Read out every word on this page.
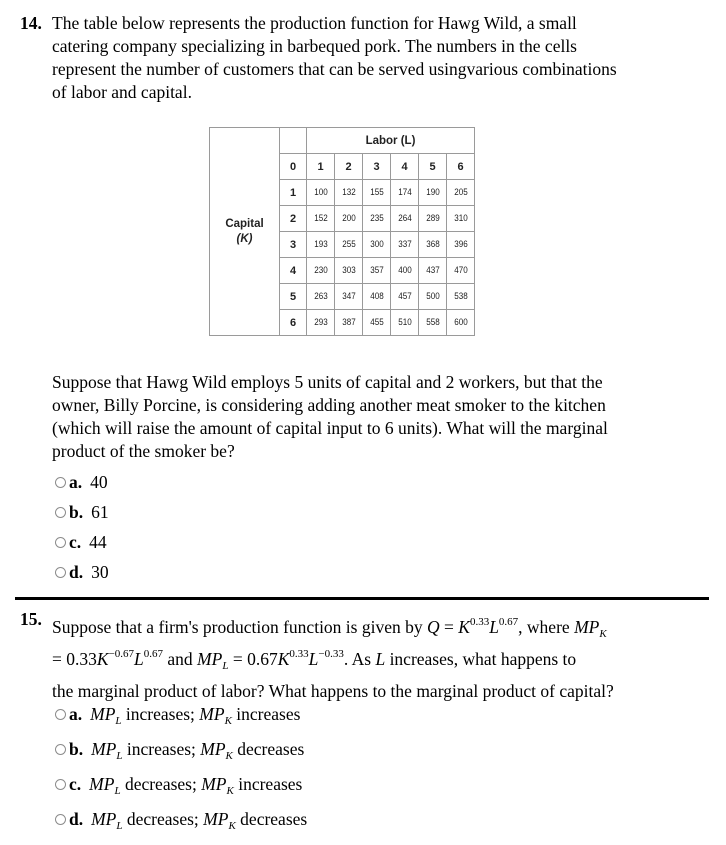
14. The table below represents the production function for Hawg Wild, a small
catering company specializing in barbequed pork. The numbers in the cells
represent the number of customers that can be served usingvarious combinations
of labor and capital.
Capital
(K)		Labor (L)					
	0	1	2	3	4	5	6
	1	100	132	155	174	190	205
	2	152	200	235	264	289	310
	3	193	255	300	337	368	396
	4	230	303	357	400	437	470
	5	263	347	408	457	500	538
	6	293	387	455	510	558	600
Suppose that Hawg Wild employs 5 units of capital and 2 workers, but that the
owner, Billy Porcine, is considering adding another meat smoker to the kitchen
(which will raise the amount of capital input to 6 units). What will the marginal
product of the smoker be?
a. 40
b. 61
c. 44
d. 30
15. Suppose that a firm's production function is given by $Q = K^{0.33}L^{0.67}$, where $MP_K$
= $0.33K^{-0.67}L^{0.67}$ and $MP_L = 0.67K^{0.33}L^{-0.33}$. As L increases, what happens to
the marginal product of labor? What happens to the marginal product of capital?
a. $MP_L$ increases; $MP_K$ increases
b. $MP_L$ increases; $MP_K$ decreases
c. $MP_L$ decreases; $MP_K$ increases
d. $MP_L$ decreases; $MP_K$ decreases
